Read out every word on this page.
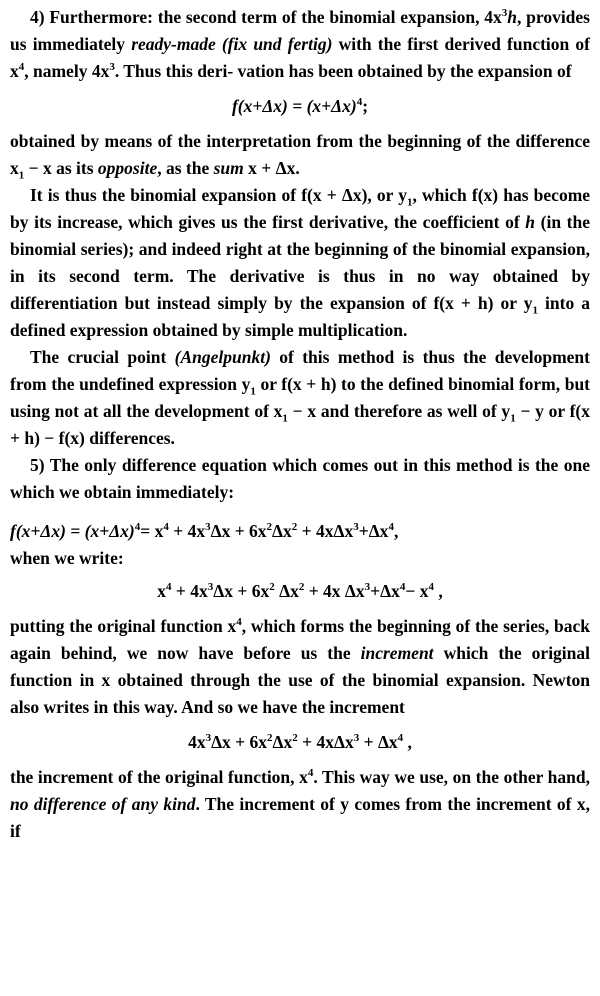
4) Furthermore: the second term of the binomial expansion, $4x^3h$, provides us immediately ready-made (fix und fertig) with the first derived function of $x^4$, namely $4x^3$. Thus this deri- vation has been obtained by the expansion of

$f(x+\Delta x) = (x+\Delta x)^4$;

obtained by means of the interpretation from the beginning of the difference $x_1 - x$ as its opposite, as the sum x + Δx.

It is thus the binomial expansion of f(x + Δx), or $y_1$, which f(x) has become by its increase, which gives us the first derivative, the coefficient of h (in the binomial series); and indeed right at the beginning of the binomial expansion, in its second term. The derivative is thus in no way obtained by differentiation but instead simply by the expansion of f(x + h) or $y_1$ into a defined expression obtained by simple multiplication.

The crucial point (Angelpunkt) of this method is thus the development from the undefined expression $y_1$ or f(x + h) to the defined binomial form, but using not at all the development of $x_1 - x$ and therefore as well of $y_1 - y$ or f(x + h) − f(x) differences.

5) The only difference equation which comes out in this method is the one which we obtain immediately:

$f(x+\Delta x) = (x+\Delta x)^4= x^4 + 4x^3\Delta x + 6x^2\Delta x^2 + 4x\Delta x^3+\Delta x^4$,

when we write:

$x^4 + 4x^3\Delta x + 6x^2$ $\Delta x^2 + 4x$ $\Delta x^3+\Delta x^4- x^4$ ,

putting the original function $x^4$, which forms the beginning of the series, back again behind, we now have before us the increment which the original function in x obtained through the use of the binomial expansion. Newton also writes in this way. And so we have the increment

$4x^3\Delta x + 6x^2\Delta x^2 + 4x\Delta x^3 + \Delta x^4$ ,

the increment of the original function, $x^4$. This way we use, on the other hand, no difference of any kind. The increment of y comes from the increment of x, if
